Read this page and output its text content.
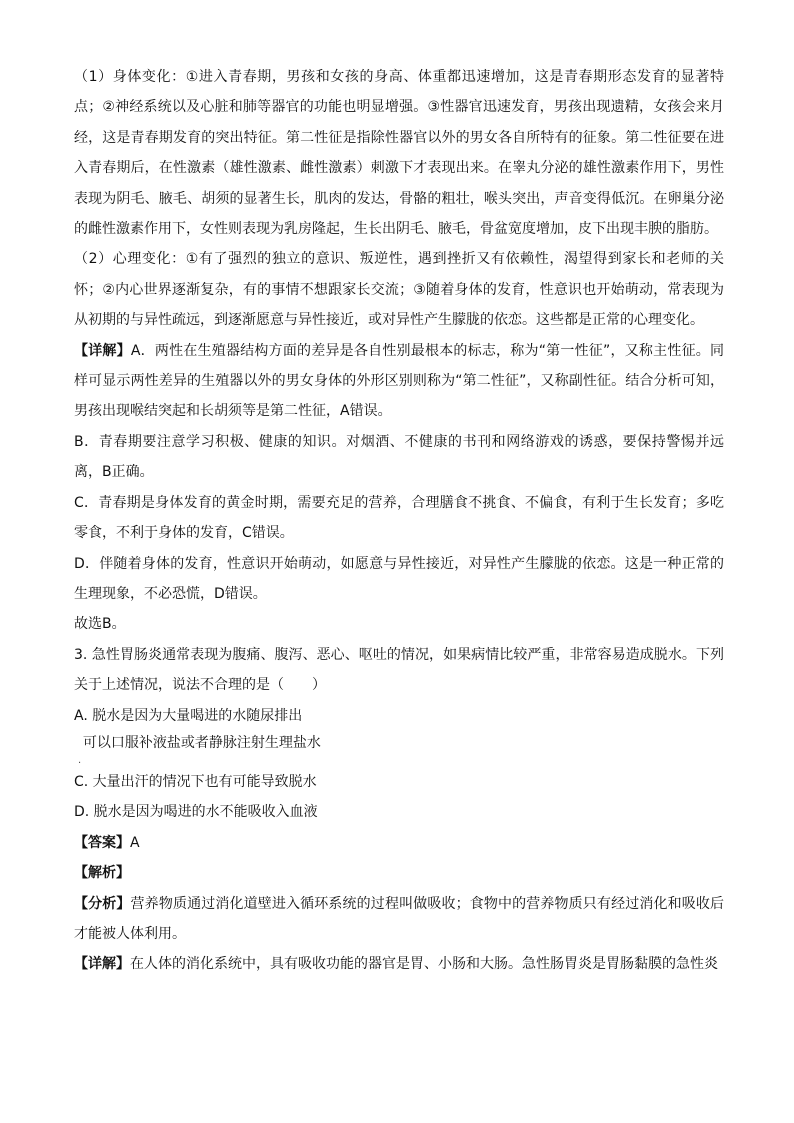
（1）身体变化：①进入青春期，男孩和女孩的身高、体重都迅速增加，这是青春期形态发育的显著特点；②神经系统以及心脏和肺等器官的功能也明显增强。③性器官迅速发育，男孩出现遗精，女孩会来月经，这是青春期发育的突出特征。第二性征是指除性器官以外的男女各自所特有的征象。第二性征要在进入青春期后，在性激素（雄性激素、雌性激素）刺激下才表现出来。在睾丸分泌的雄性激素作用下，男性表现为阴毛、腋毛、胡须的显著生长，肌肉的发达，骨骼的粗壮，喉头突出，声音变得低沉。在卵巢分泌的雌性激素作用下，女性则表现为乳房隆起，生长出阴毛、腋毛，骨盆宽度增加，皮下出现丰腴的脂肪。

（2）心理变化：①有了强烈的独立的意识、叛逆性，遇到挫折又有依赖性，渴望得到家长和老师的关怀；②内心世界逐渐复杂，有的事情不想跟家长交流；③随着身体的发育，性意识也开始萌动，常表现为从初期的与异性疏远，到逐渐愿意与异性接近，或对异性产生朦胧的依恋。这些都是正常的心理变化。

【详解】A．两性在生殖器结构方面的差异是各自性别最根本的标志，称为“第一性征”，又称主性征。同样可显示两性差异的生殖器以外的男女身体的外形区别则称为“第二性征”，又称副性征。结合分析可知，男孩出现喉结突起和长胡须等是第二性征，A错误。

B．青春期要注意学习积极、健康的知识。对烟酒、不健康的书刊和网络游戏的诱惑，要保持警惕并远离，B正确。

C．青春期是身体发育的黄金时期，需要充足的营养，合理膳食不挑食、不偏食，有利于生长发育；多吃零食，不利于身体的发育，C错误。

D．伴随着身体的发育，性意识开始萌动，如愿意与异性接近，对异性产生朦胧的依恋。这是一种正常的生理现象，不必恐慌，D错误。

故选B。

3. 急性胃肠炎通常表现为腹痛、腹泻、恶心、呕吐的情况，如果病情比较严重，非常容易造成脱水。下列关于上述情况，说法不合理的是（　　）

A. 脱水是因为大量喝进的水随尿排出

可以口服补液盐或者静脉注射生理盐水
.

C. 大量出汗的情况下也有可能导致脱水

D. 脱水是因为喝进的水不能吸收入血液

【答案】A

【解析】

【分析】营养物质通过消化道壁进入循环系统的过程叫做吸收；食物中的营养物质只有经过消化和吸收后才能被人体利用。

【详解】在人体的消化系统中，具有吸收功能的器官是胃、小肠和大肠。急性肠胃炎是胃肠黏膜的急性炎
